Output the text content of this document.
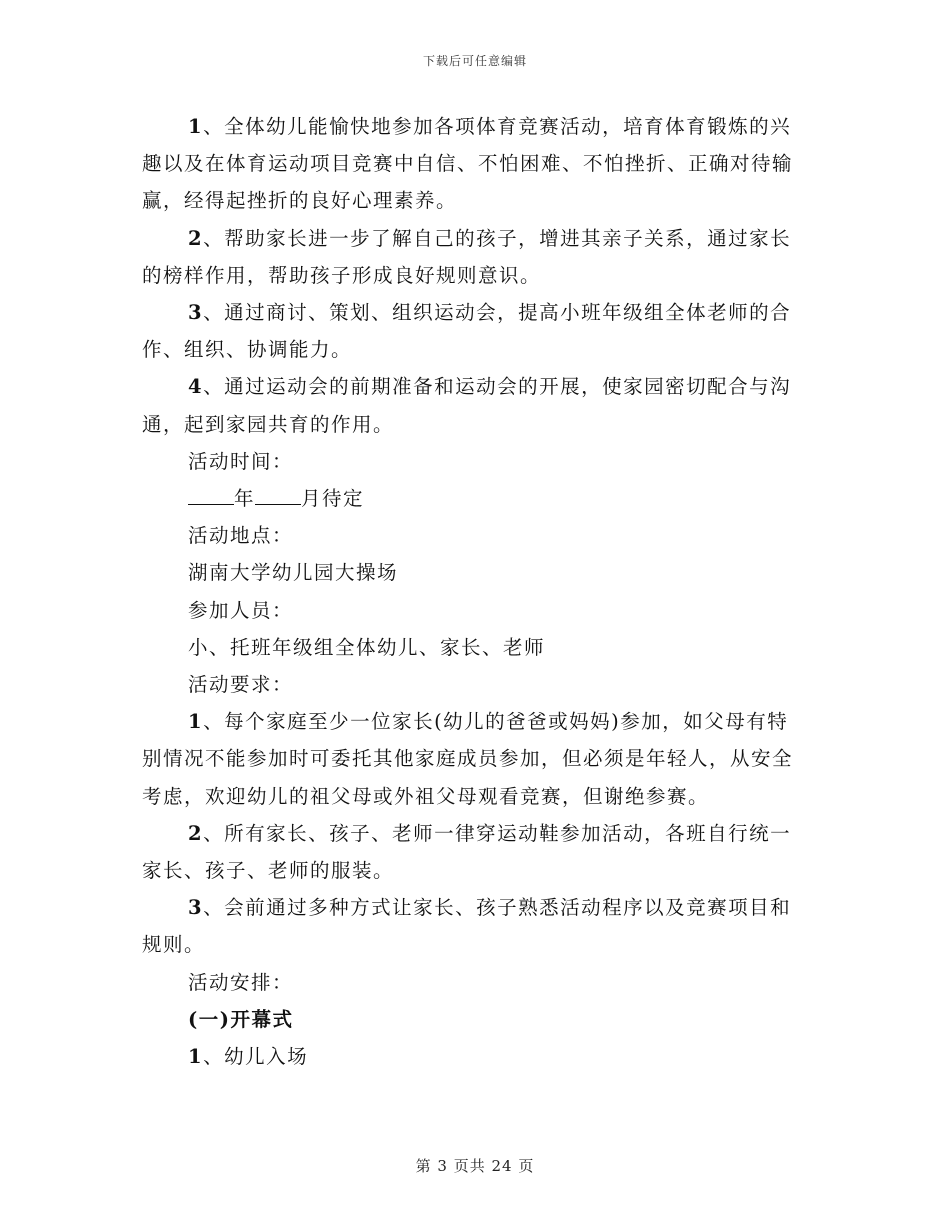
下载后可任意编辑

1、全体幼儿能愉快地参加各项体育竞赛活动，培育体育锻炼的兴趣以及在体育运动项目竞赛中自信、不怕困难、不怕挫折、正确对待输赢，经得起挫折的良好心理素养。

2、帮助家长进一步了解自己的孩子，增进其亲子关系，通过家长的榜样作用，帮助孩子形成良好规则意识。

3、通过商讨、策划、组织运动会，提高小班年级组全体老师的合作、组织、协调能力。

4、通过运动会的前期准备和运动会的开展，使家园密切配合与沟通，起到家园共育的作用。

活动时间：

年 月待定

活动地点：

湖南大学幼儿园大操场

参加人员：

小、托班年级组全体幼儿、家长、老师

活动要求：

1、每个家庭至少一位家长(幼儿的爸爸或妈妈)参加，如父母有特别情况不能参加时可委托其他家庭成员参加，但必须是年轻人，从安全考虑，欢迎幼儿的祖父母或外祖父母观看竞赛，但谢绝参赛。

2、所有家长、孩子、老师一律穿运动鞋参加活动，各班自行统一家长、孩子、老师的服装。

3、会前通过多种方式让家长、孩子熟悉活动程序以及竞赛项目和规则。

活动安排：

(一)开幕式

1、幼儿入场

第 3 页共 24 页
